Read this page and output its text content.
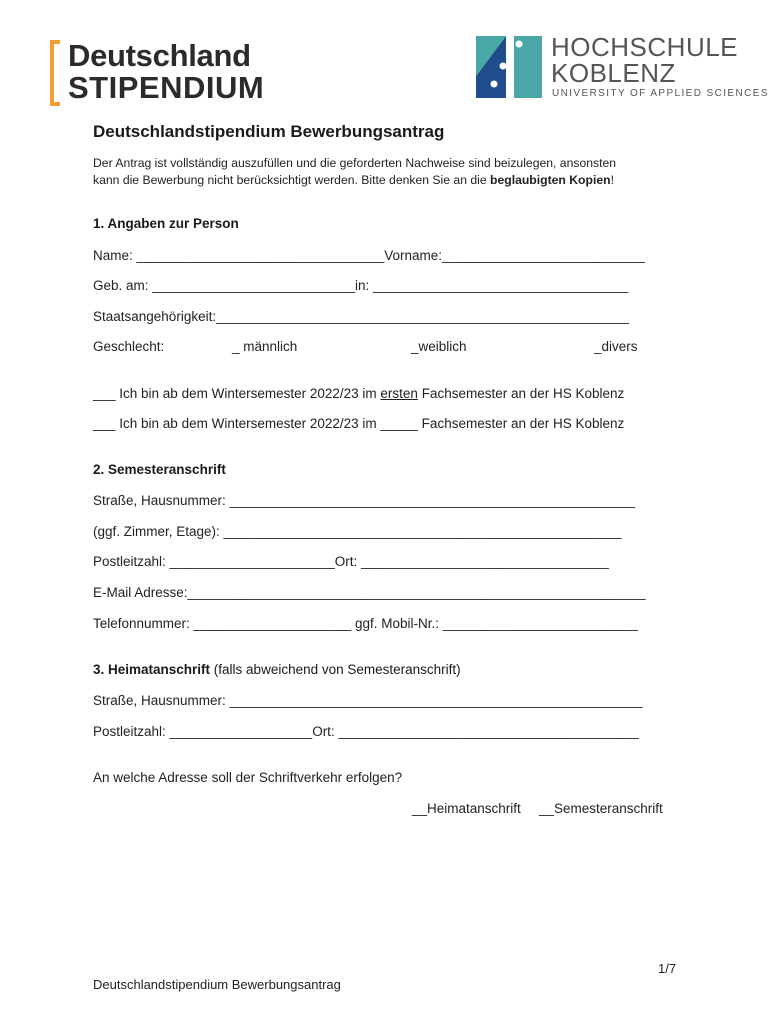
Deutschland
STIPENDIUM
HOCHSCHULE
KOBLENZ
UNIVERSITY OF APPLIED SCIENCES
Deutschlandstipendium Bewerbungsantrag
Der Antrag ist vollständig auszufüllen und die geforderten Nachweise sind beizulegen, ansonsten
kann die Bewerbung nicht berücksichtigt werden. Bitte denken Sie an die beglaubigten Kopien!
1. Angaben zur Person
Name: _________________________________Vorname:___________________________
Geb. am: ___________________________in: __________________________________
Staatsangehörigkeit:_______________________________________________________
Geschlecht:	_ männlich	_weiblich	_divers
___ Ich bin ab dem Wintersemester 2022/23 im ersten Fachsemester an der HS Koblenz
___ Ich bin ab dem Wintersemester 2022/23 im _____ Fachsemester an der HS Koblenz
2. Semesteranschrift
Straße, Hausnummer: ______________________________________________________
(ggf. Zimmer, Etage): _____________________________________________________
Postleitzahl: ______________________Ort: _________________________________
E-Mail Adresse:_____________________________________________________________
Telefonnummer: _____________________ ggf. Mobil-Nr.: __________________________
3. Heimatanschrift (falls abweichend von Semesteranschrift)
Straße, Hausnummer: _______________________________________________________
Postleitzahl: ___________________Ort: ________________________________________
An welche Adresse soll der Schriftverkehr erfolgen?
__Heimatanschrift __Semesteranschrift
1/7
Deutschlandstipendium Bewerbungsantrag
